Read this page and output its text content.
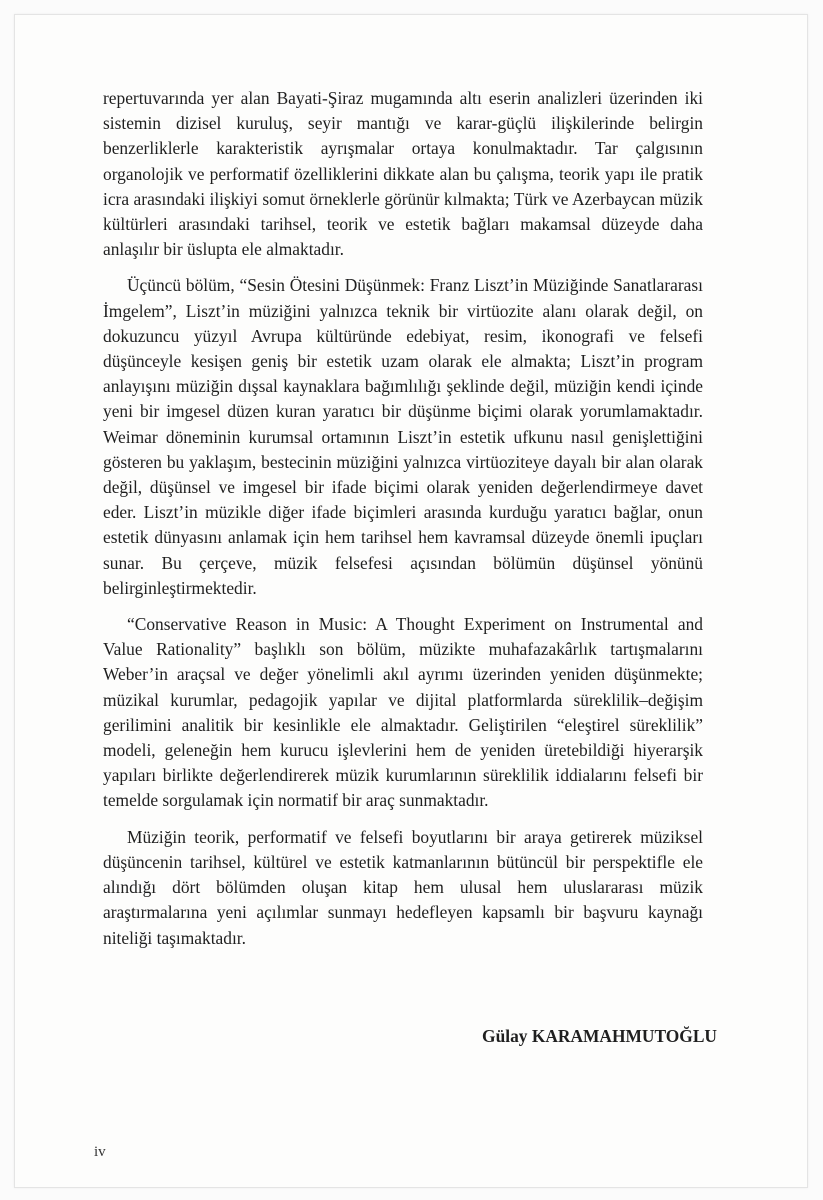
repertuvarında yer alan Bayati-Şiraz mugamında altı eserin analizleri üzerinden iki sistemin dizisel kuruluş, seyir mantığı ve karar-güçlü ilişkilerinde belirgin benzerliklerle karakteristik ayrışmalar ortaya konulmaktadır. Tar çalgısının organolojik ve performatif özelliklerini dikkate alan bu çalışma, teorik yapı ile pratik icra arasındaki ilişkiyi somut örneklerle görünür kılmakta; Türk ve Azerbaycan müzik kültürleri arasındaki tarihsel, teorik ve estetik bağları makamsal düzeyde daha anlaşılır bir üslupta ele almaktadır.

Üçüncü bölüm, “Sesin Ötesini Düşünmek: Franz Liszt’in Müziğinde Sanatlararası İmgelem”, Liszt’in müziğini yalnızca teknik bir virtüozite alanı olarak değil, on dokuzuncu yüzyıl Avrupa kültüründe edebiyat, resim, ikonografi ve felsefi düşünceyle kesişen geniş bir estetik uzam olarak ele almakta; Liszt’in program anlayışını müziğin dışsal kaynaklara bağımlılığı şeklinde değil, müziğin kendi içinde yeni bir imgesel düzen kuran yaratıcı bir düşünme biçimi olarak yorumlamaktadır. Weimar döneminin kurumsal ortamının Liszt’in estetik ufkunu nasıl genişlettiğini gösteren bu yaklaşım, bestecinin müziğini yalnızca virtüoziteye dayalı bir alan olarak değil, düşünsel ve imgesel bir ifade biçimi olarak yeniden değerlendirmeye davet eder. Liszt’in müzikle diğer ifade biçimleri arasında kurduğu yaratıcı bağlar, onun estetik dünyasını anlamak için hem tarihsel hem kavramsal düzeyde önemli ipuçları sunar. Bu çerçeve, müzik felsefesi açısından bölümün düşünsel yönünü belirginleştirmektedir.

“Conservative Reason in Music: A Thought Experiment on Instrumental and Value Rationality” başlıklı son bölüm, müzikte muhafazakârlık tartışmalarını Weber’in araçsal ve değer yönelimli akıl ayrımı üzerinden yeniden düşünmekte; müzikal kurumlar, pedagojik yapılar ve dijital platformlarda süreklilik–değişim gerilimini analitik bir kesinlikle ele almaktadır. Geliştirilen “eleştirel süreklilik” modeli, geleneğin hem kurucu işlevlerini hem de yeniden üretebildiği hiyerarşik yapıları birlikte değerlendirerek müzik kurumlarının süreklilik iddialarını felsefi bir temelde sorgulamak için normatif bir araç sunmaktadır.

Müziğin teorik, performatif ve felsefi boyutlarını bir araya getirerek müziksel düşüncenin tarihsel, kültürel ve estetik katmanlarının bütüncül bir perspektifle ele alındığı dört bölümden oluşan kitap hem ulusal hem uluslararası müzik araştırmalarına yeni açılımlar sunmayı hedefleyen kapsamlı bir başvuru kaynağı niteliği taşımaktadır.

Gülay KARAMAHMUTOĞLU
iv
